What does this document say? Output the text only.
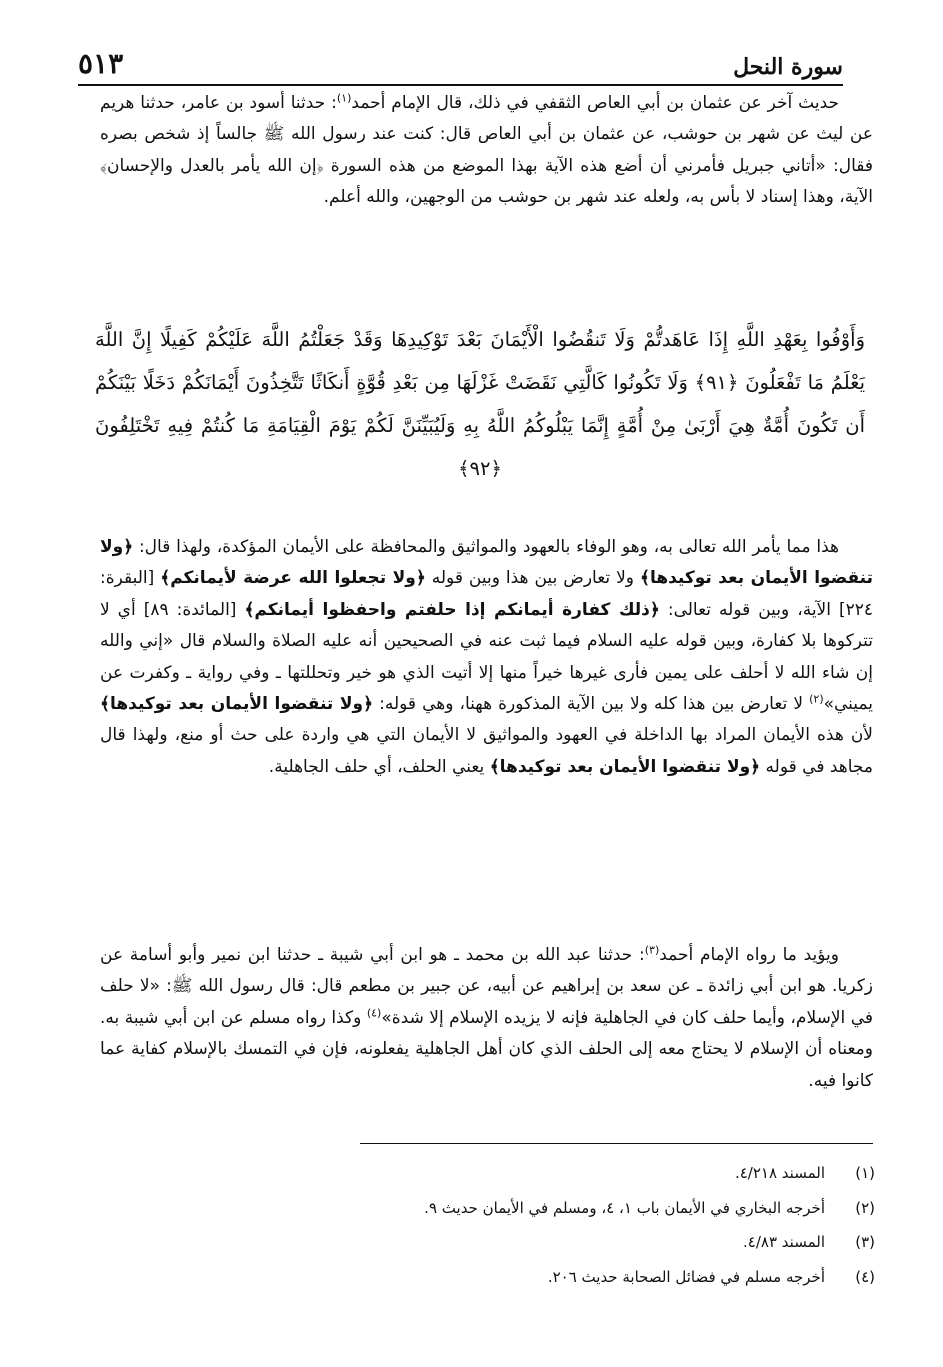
سورة النحل
٥١٣

حديث آخر عن عثمان بن أبي العاص الثقفي في ذلك، قال الإمام أحمد$^{(١)}$: حدثنا أسود بن عامر، حدثنا هريم عن ليث عن شهر بن حوشب، عن عثمان بن أبي العاص قال: كنت عند رسول الله ﷺ جالساً إذ شخص بصره فقال: «أتاني جبريل فأمرني أن أضع هذه الآية بهذا الموضع من هذه السورة ﴿إن الله يأمر بالعدل والإحسان﴾ الآية، وهذا إسناد لا بأس به، ولعله عند شهر بن حوشب من الوجهين، والله أعلم.

وَأَوْفُوا بِعَهْدِ اللَّهِ إِذَا عَاهَدتُّمْ وَلَا تَنقُضُوا الْأَيْمَانَ بَعْدَ تَوْكِيدِهَا وَقَدْ جَعَلْتُمُ اللَّهَ عَلَيْكُمْ كَفِيلًا إِنَّ اللَّهَ يَعْلَمُ مَا تَفْعَلُونَ ﴿٩١﴾ وَلَا تَكُونُوا كَالَّتِي نَقَضَتْ غَزْلَهَا مِن بَعْدِ قُوَّةٍ أَنكَاثًا تَتَّخِذُونَ أَيْمَانَكُمْ دَخَلًا بَيْنَكُمْ أَن تَكُونَ أُمَّةٌ هِيَ أَرْبَىٰ مِنْ أُمَّةٍ إِنَّمَا يَبْلُوكُمُ اللَّهُ بِهِ وَلَيُبَيِّنَنَّ لَكُمْ يَوْمَ الْقِيَامَةِ مَا كُنتُمْ فِيهِ تَخْتَلِفُونَ ﴿٩٢﴾

هذا مما يأمر الله تعالى به، وهو الوفاء بالعهود والمواثيق والمحافظة على الأيمان المؤكدة، ولهذا قال: ﴿ولا تنقضوا الأيمان بعد توكيدها﴾ ولا تعارض بين هذا وبين قوله ﴿ولا تجعلوا الله عرضة لأيمانكم﴾ [البقرة: ٢٢٤] الآية، وبين قوله تعالى: ﴿ذلك كفارة أيمانكم إذا حلفتم واحفظوا أيمانكم﴾ [المائدة: ٨٩] أي لا تتركوها بلا كفارة، وبين قوله عليه السلام فيما ثبت عنه في الصحيحين أنه عليه الصلاة والسلام قال «إني والله إن شاء الله لا أحلف على يمين فأرى غيرها خيراً منها إلا أتيت الذي هو خير وتحللتها ـ وفي رواية ـ وكفرت عن يميني»$^{(٢)}$ لا تعارض بين هذا كله ولا بين الآية المذكورة ههنا، وهي قوله: ﴿ولا تنقضوا الأيمان بعد توكيدها﴾ لأن هذه الأيمان المراد بها الداخلة في العهود والمواثيق لا الأيمان التي هي واردة على حث أو منع، ولهذا قال مجاهد في قوله ﴿ولا تنقضوا الأيمان بعد توكيدها﴾ يعني الحلف، أي حلف الجاهلية.

ويؤيد ما رواه الإمام أحمد$^{(٣)}$: حدثنا عبد الله بن محمد ـ هو ابن أبي شيبة ـ حدثنا ابن نمير وأبو أسامة عن زكريا. هو ابن أبي زائدة ـ عن سعد بن إبراهيم عن أبيه، عن جبير بن مطعم قال: قال رسول الله ﷺ: «لا حلف في الإسلام، وأيما حلف كان في الجاهلية فإنه لا يزيده الإسلام إلا شدة»$^{(٤)}$ وكذا رواه مسلم عن ابن أبي شيبة به. ومعناه أن الإسلام لا يحتاج معه إلى الحلف الذي كان أهل الجاهلية يفعلونه، فإن في التمسك بالإسلام كفاية عما كانوا فيه.

(١)
المسند ٤/٢١٨.
(٢)
أخرجه البخاري في الأيمان باب ١، ٤، ومسلم في الأيمان حديث ٩.
(٣)
المسند ٤/٨٣.
(٤)
أخرجه مسلم في فضائل الصحابة حديث ٢٠٦.
